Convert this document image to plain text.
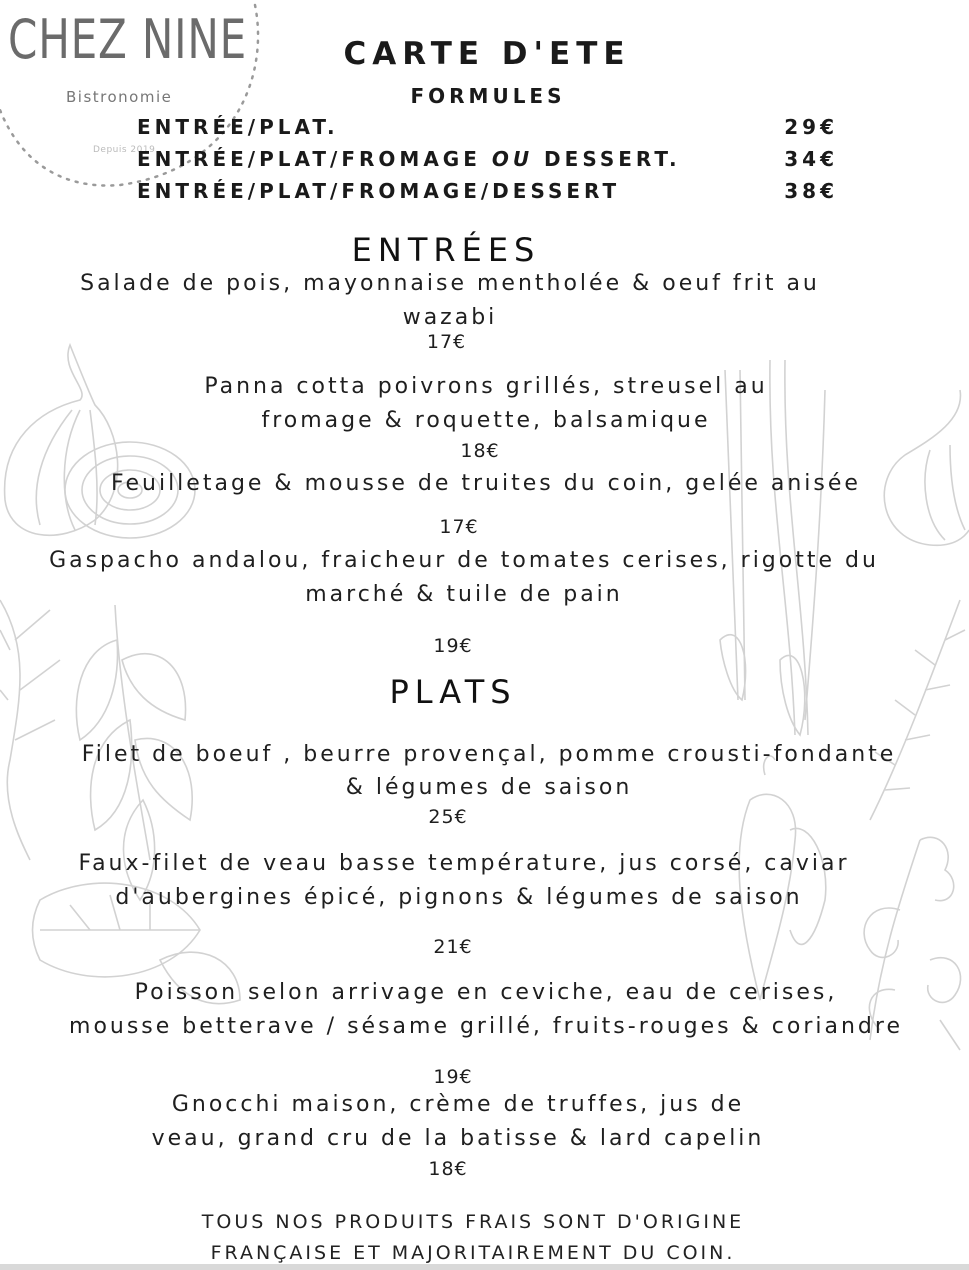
CHEZ NINE
Bistronomie
Depuis 2019
CARTE D'ETE
FORMULES
ENTRÉE/PLAT.	29€
ENTRÉE/PLAT/FROMAGE OU DESSERT.	34€
ENTRÉE/PLAT/FROMAGE/DESSERT	38€
ENTRÉES
Salade de pois, mayonnaise mentholée & oeuf frit au
wazabi
17€
Panna cotta poivrons grillés, streusel au
fromage & roquette, balsamique
18€
Feuilletage & mousse de truites du coin, gelée anisée
17€
Gaspacho andalou, fraicheur de tomates cerises, rigotte du
marché & tuile de pain
19€
PLATS
Filet de boeuf , beurre provençal, pomme crousti-fondante
& légumes de saison
25€
Faux-filet de veau basse température, jus corsé, caviar
d'aubergines épicé, pignons & légumes de saison
21€
Poisson selon arrivage en ceviche, eau de cerises,
mousse betterave / sésame grillé, fruits-rouges & coriandre
19€
Gnocchi maison, crème de truffes, jus de
veau, grand cru de la batisse & lard capelin
18€
TOUS NOS PRODUITS FRAIS SONT D'ORIGINE
FRANÇAISE ET MAJORITAIREMENT DU COIN.
